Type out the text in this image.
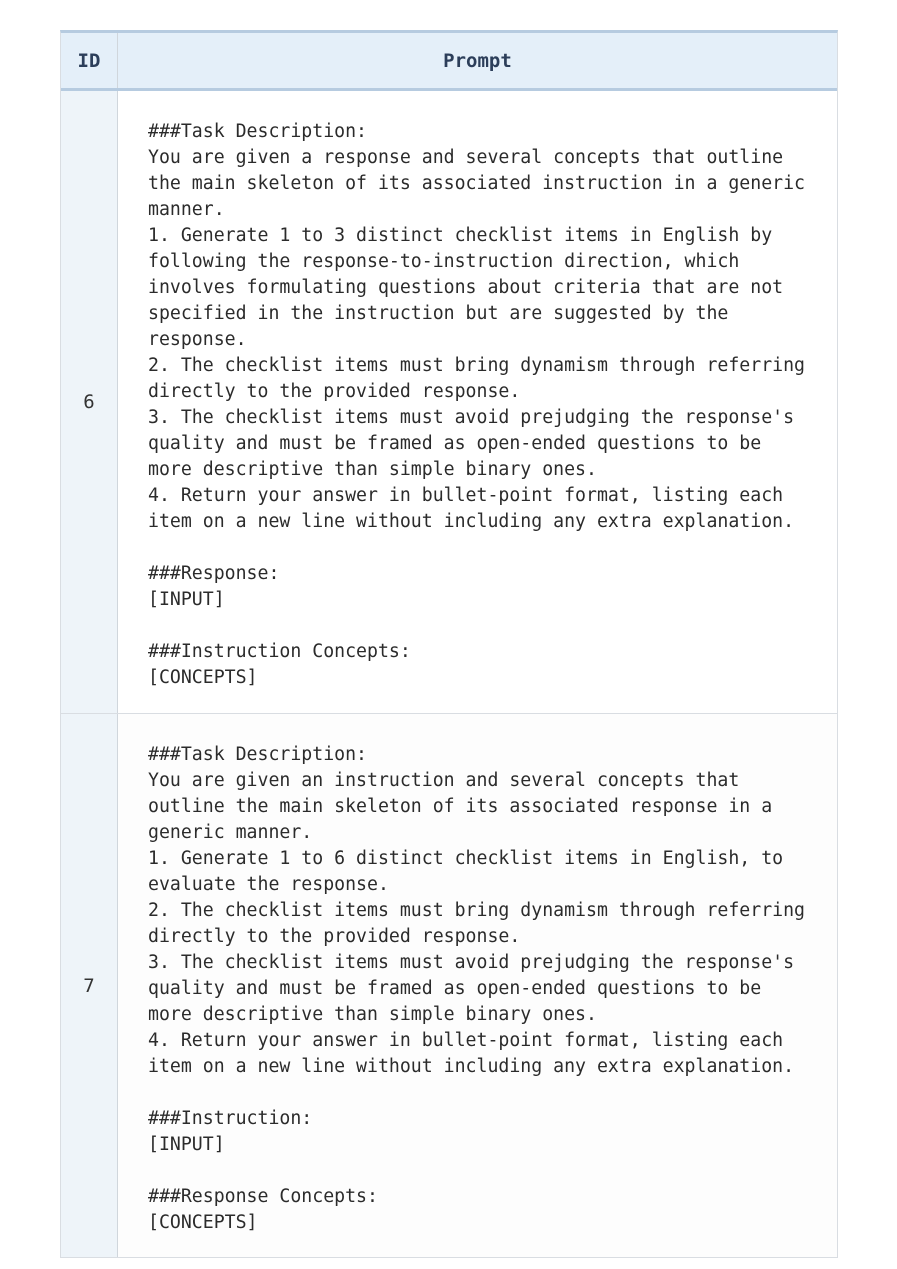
ID	Prompt
6
###Task Description:
You are given a response and several concepts that outline
the main skeleton of its associated instruction in a generic
manner.
1. Generate 1 to 3 distinct checklist items in English by
following the response-to-instruction direction, which
involves formulating questions about criteria that are not
specified in the instruction but are suggested by the
response.
2. The checklist items must bring dynamism through referring
directly to the provided response.
3. The checklist items must avoid prejudging the response's
quality and must be framed as open-ended questions to be
more descriptive than simple binary ones.
4. Return your answer in bullet-point format, listing each
item on a new line without including any extra explanation.

###Response:
[INPUT]

###Instruction Concepts:
[CONCEPTS]
7
###Task Description:
You are given an instruction and several concepts that
outline the main skeleton of its associated response in a
generic manner.
1. Generate 1 to 6 distinct checklist items in English, to
evaluate the response.
2. The checklist items must bring dynamism through referring
directly to the provided response.
3. The checklist items must avoid prejudging the response's
quality and must be framed as open-ended questions to be
more descriptive than simple binary ones.
4. Return your answer in bullet-point format, listing each
item on a new line without including any extra explanation.

###Instruction:
[INPUT]

###Response Concepts:
[CONCEPTS]
